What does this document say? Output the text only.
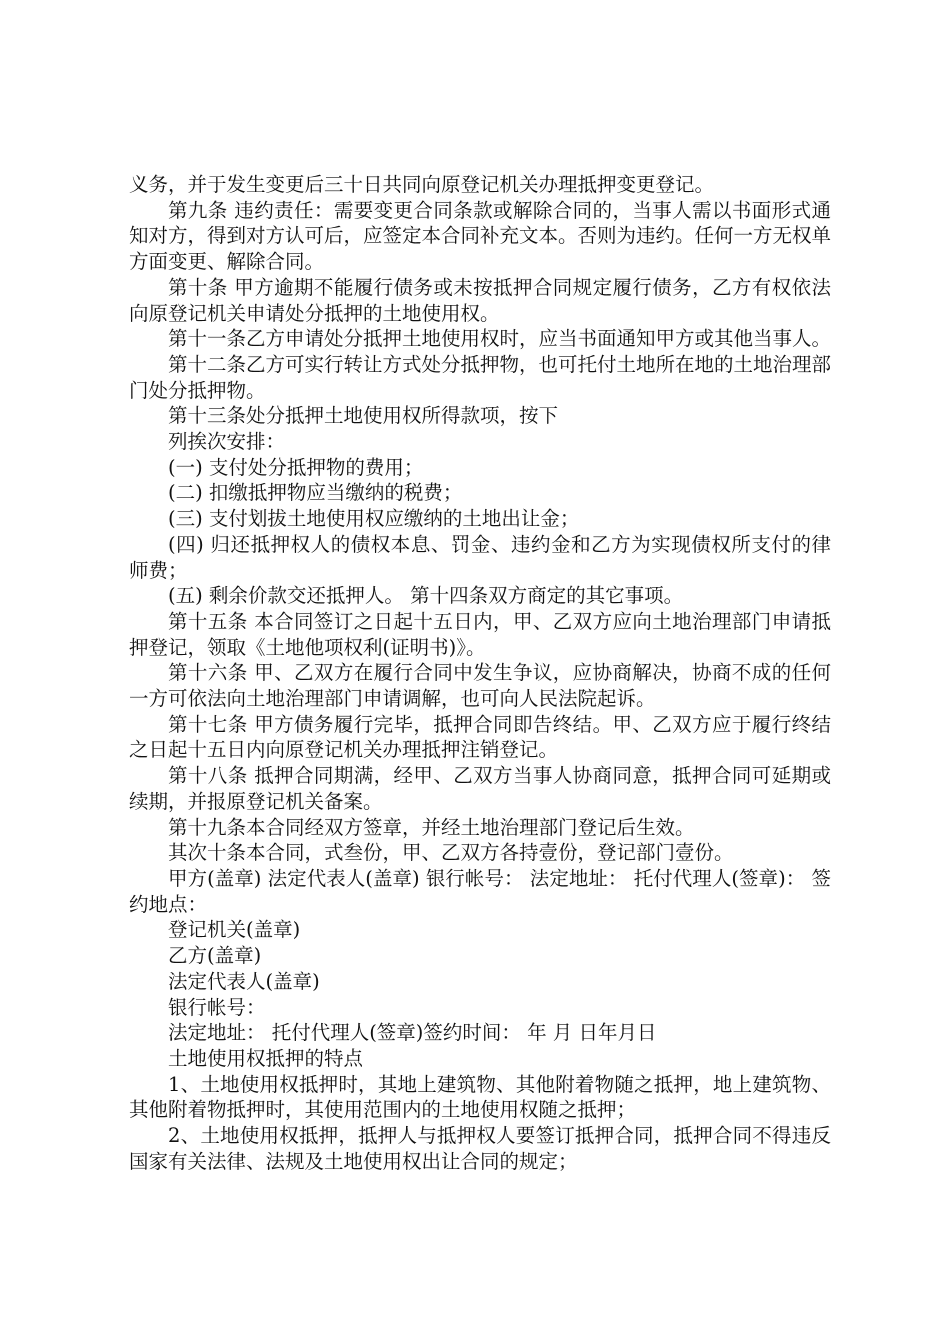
义务，并于发生变更后三十日共同向原登记机关办理抵押变更登记。

第九条 违约责任：需要变更合同条款或解除合同的，当事人需以书面形式通知对方，得到对方认可后，应签定本合同补充文本。否则为违约。任何一方无权单方面变更、解除合同。

第十条 甲方逾期不能履行债务或未按抵押合同规定履行债务，乙方有权依法向原登记机关申请处分抵押的土地使用权。

第十一条乙方申请处分抵押土地使用权时，应当书面通知甲方或其他当事人。

第十二条乙方可实行转让方式处分抵押物，也可托付土地所在地的土地治理部门处分抵押物。

第十三条处分抵押土地使用权所得款项，按下

列挨次安排：

(一) 支付处分抵押物的费用；

(二) 扣缴抵押物应当缴纳的税费；

(三) 支付划拔土地使用权应缴纳的土地出让金；

(四) 归还抵押权人的债权本息、罚金、违约金和乙方为实现债权所支付的律师费；

(五) 剩余价款交还抵押人。 第十四条双方商定的其它事项。

第十五条 本合同签订之日起十五日内，甲、乙双方应向土地治理部门申请抵押登记，领取《土地他项权利(证明书)》。

第十六条 甲、乙双方在履行合同中发生争议，应协商解决，协商不成的任何一方可依法向土地治理部门申请调解，也可向人民法院起诉。

第十七条 甲方债务履行完毕，抵押合同即告终结。甲、乙双方应于履行终结之日起十五日内向原登记机关办理抵押注销登记。

第十八条 抵押合同期满，经甲、乙双方当事人协商同意，抵押合同可延期或续期，并报原登记机关备案。

第十九条本合同经双方签章，并经土地治理部门登记后生效。

其次十条本合同，式叁份，甲、乙双方各持壹份，登记部门壹份。

甲方(盖章) 法定代表人(盖章) 银行帐号： 法定地址： 托付代理人(签章)： 签约地点：

登记机关(盖章)

乙方(盖章)

法定代表人(盖章)

银行帐号：

法定地址： 托付代理人(签章)签约时间： 年 月 日年月日

土地使用权抵押的特点

1、土地使用权抵押时，其地上建筑物、其他附着物随之抵押，地上建筑物、其他附着物抵押时，其使用范围内的土地使用权随之抵押；

2、土地使用权抵押，抵押人与抵押权人要签订抵押合同，抵押合同不得违反国家有关法律、法规及土地使用权出让合同的规定；
